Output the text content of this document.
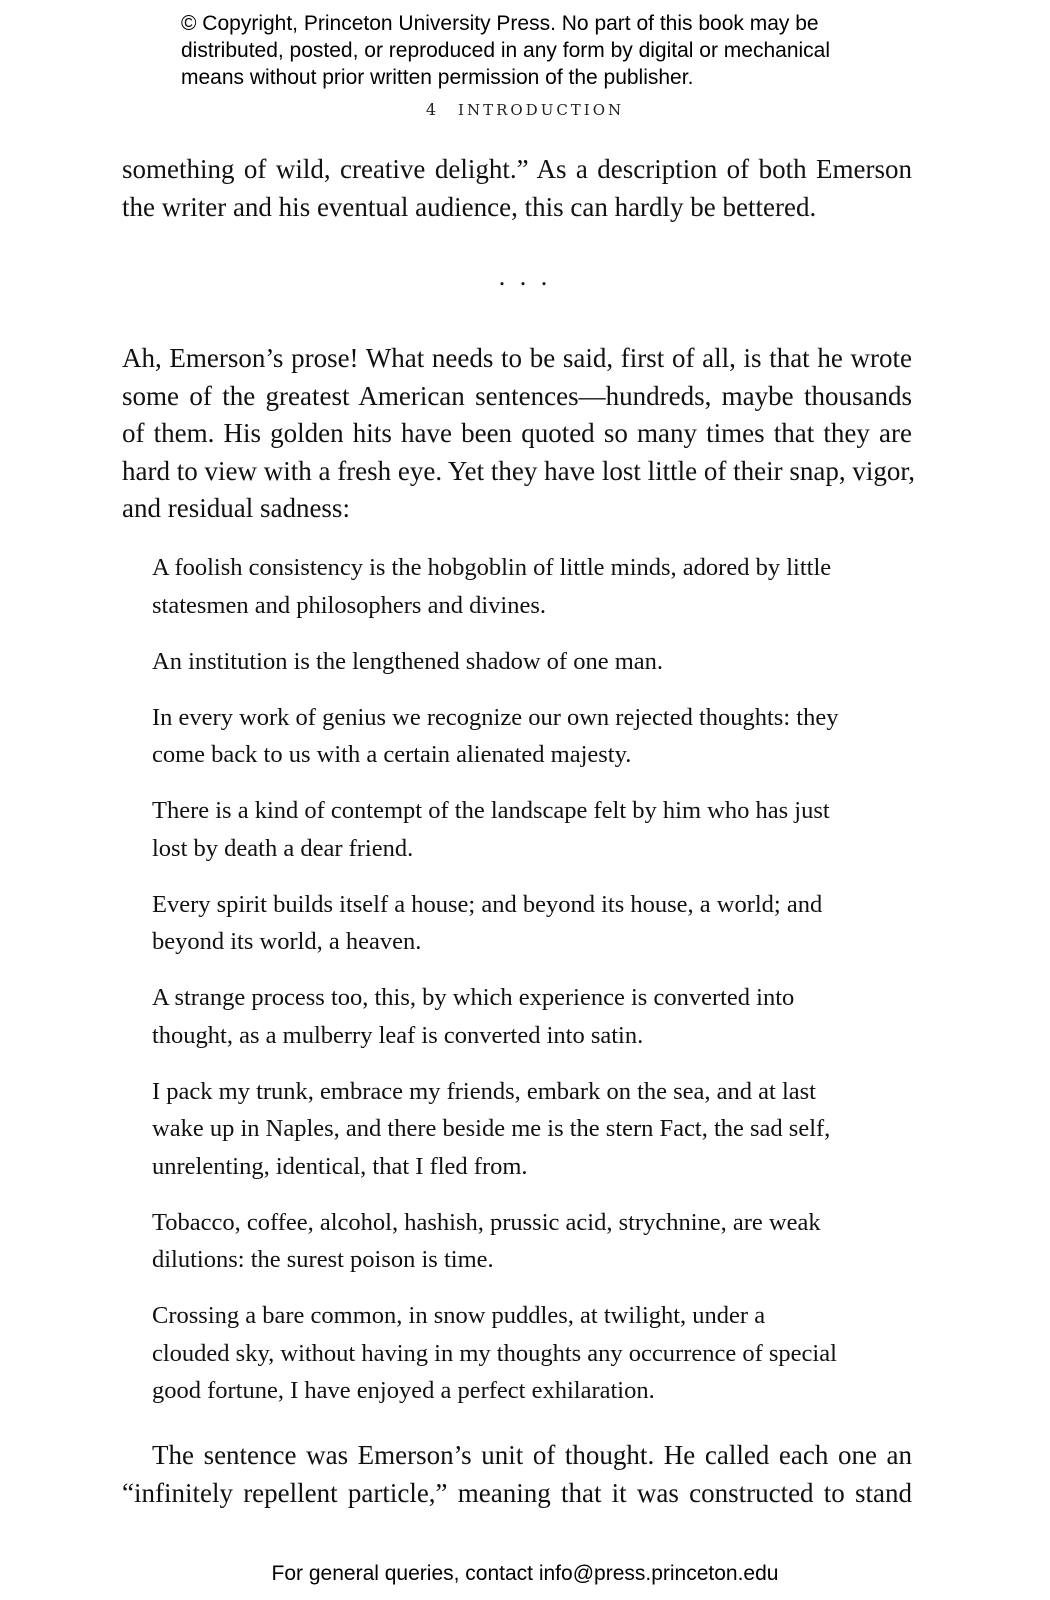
© Copyright, Princeton University Press. No part of this book may be
distributed, posted, or reproduced in any form by digital or mechanical
means without prior written permission of the publisher.
4 INTRODUCTION
something of wild, creative delight.” As a description of both Emerson
the writer and his eventual audience, this can hardly be bettered.
. . .
Ah, Emerson’s prose! What needs to be said, first of all, is that he wrote
some of the greatest American sentences—hundreds, maybe thousands
of them. His golden hits have been quoted so many times that they are
hard to view with a fresh eye. Yet they have lost little of their snap, vigor,
and residual sadness:
A foolish consistency is the hobgoblin of little minds, adored by little
statesmen and philosophers and divines.
An institution is the lengthened shadow of one man.
In every work of genius we recognize our own rejected thoughts: they
come back to us with a certain alienated majesty.
There is a kind of contempt of the landscape felt by him who has just
lost by death a dear friend.
Every spirit builds itself a house; and beyond its house, a world; and
beyond its world, a heaven.
A strange process too, this, by which experience is converted into
thought, as a mulberry leaf is converted into satin.
I pack my trunk, embrace my friends, embark on the sea, and at last
wake up in Naples, and there beside me is the stern Fact, the sad self,
unrelenting, identical, that I fled from.
Tobacco, coffee, alcohol, hashish, prussic acid, strychnine, are weak
dilutions: the surest poison is time.
Crossing a bare common, in snow puddles, at twilight, under a
clouded sky, without having in my thoughts any occurrence of special
good fortune, I have enjoyed a perfect exhilaration.
The sentence was Emerson’s unit of thought. He called each one an
“infinitely repellent particle,” meaning that it was constructed to stand
For general queries, contact info@press.princeton.edu
